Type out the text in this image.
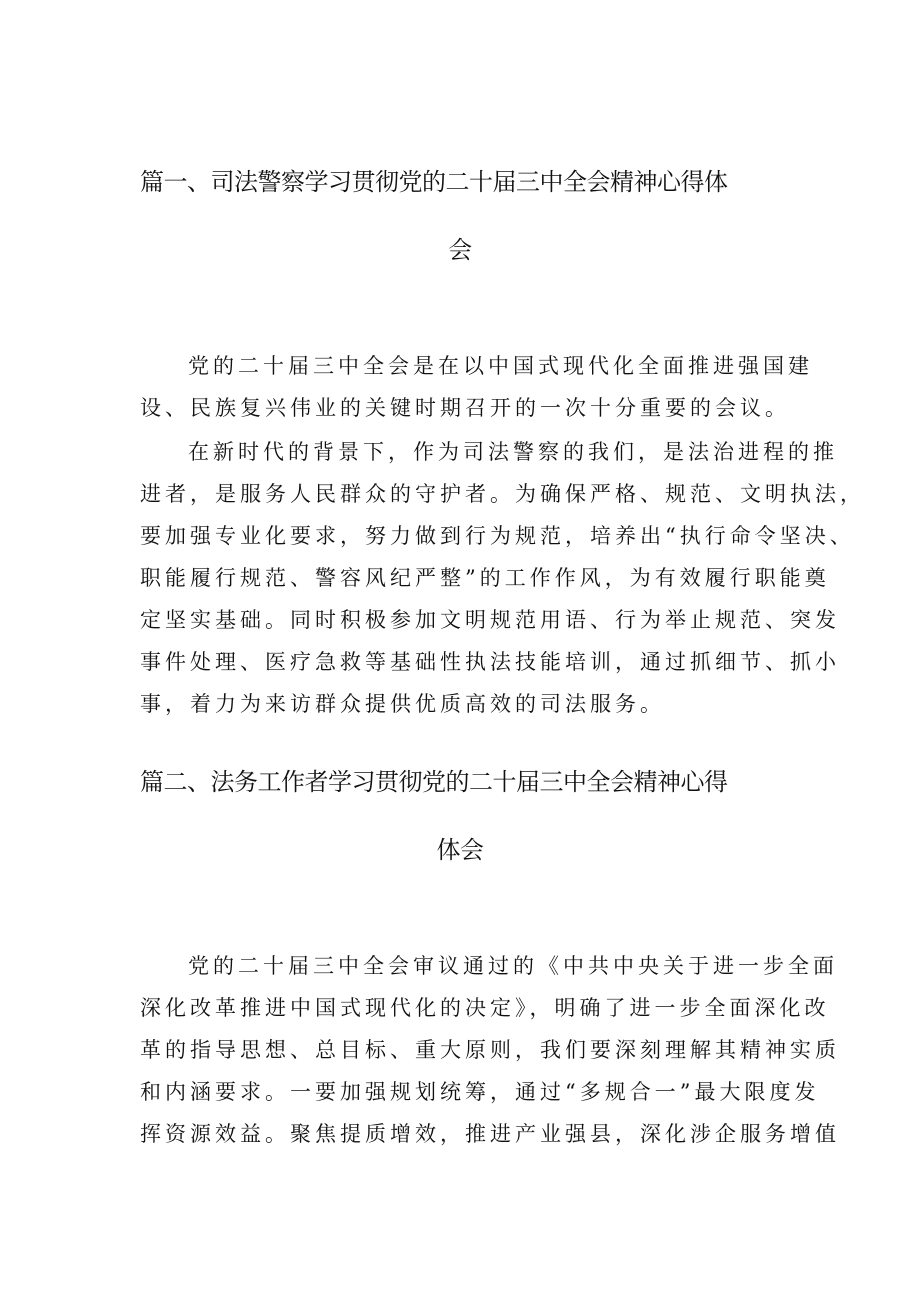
篇一、司法警察学习贯彻党的二十届三中全会精神心得体
会
党的二十届三中全会是在以中国式现代化全面推进强国建
设、民族复兴伟业的关键时期召开的一次十分重要的会议。
在新时代的背景下，作为司法警察的我们，是法治进程的推
进者，是服务人民群众的守护者。为确保严格、规范、文明执法，
要加强专业化要求，努力做到行为规范，培养出“执行命令坚决、
职能履行规范、警容风纪严整”的工作作风，为有效履行职能奠
定坚实基础。同时积极参加文明规范用语、行为举止规范、突发
事件处理、医疗急救等基础性执法技能培训，通过抓细节、抓小
事，着力为来访群众提供优质高效的司法服务。
篇二、法务工作者学习贯彻党的二十届三中全会精神心得
体会
党的二十届三中全会审议通过的《中共中央关于进一步全面
深化改革推进中国式现代化的决定》，明确了进一步全面深化改
革的指导思想、总目标、重大原则，我们要深刻理解其精神实质
和内涵要求。一要加强规划统筹，通过“多规合一”最大限度发
挥资源效益。聚焦提质增效，推进产业强县，深化涉企服务增值
